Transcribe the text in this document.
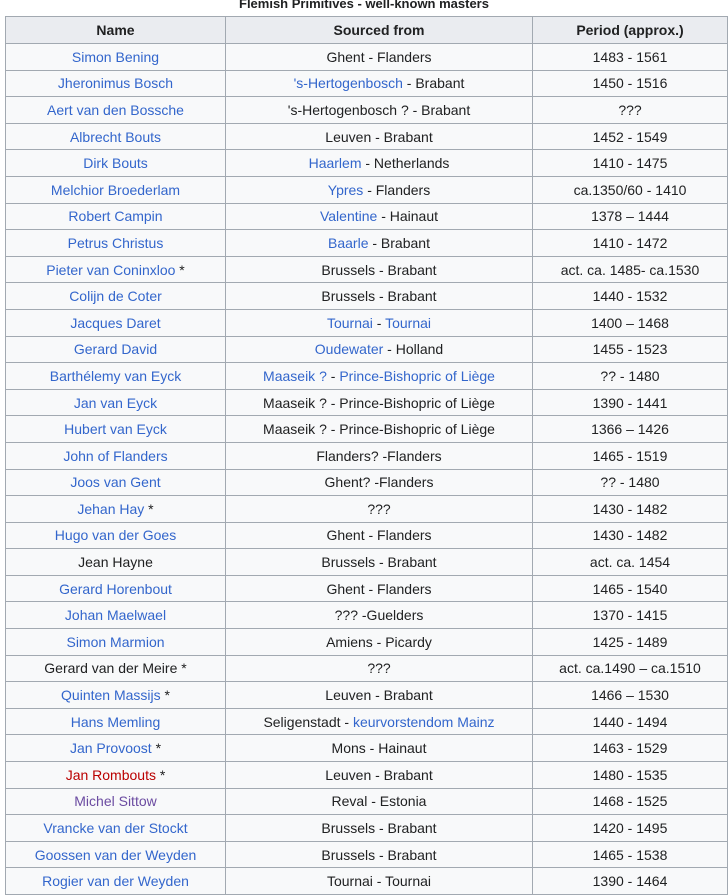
Flemish Primitives - well-known masters
Name	Sourced from	Period (approx.)
Simon Bening	Ghent - Flanders	1483 - 1561
Jheronimus Bosch	's-Hertogenbosch - Brabant	1450 - 1516
Aert van den Bossche	's-Hertogenbosch ? - Brabant	???
Albrecht Bouts	Leuven - Brabant	1452 - 1549
Dirk Bouts	Haarlem - Netherlands	1410 - 1475
Melchior Broederlam	Ypres - Flanders	ca.1350/60 - 1410
Robert Campin	Valentine - Hainaut	1378 – 1444
Petrus Christus	Baarle - Brabant	1410 - 1472
Pieter van Coninxloo *	Brussels - Brabant	act. ca. 1485- ca.1530
Colijn de Coter	Brussels - Brabant	1440 - 1532
Jacques Daret	Tournai - Tournai	1400 – 1468
Gerard David	Oudewater - Holland	1455 - 1523
Barthélemy van Eyck	Maaseik ? - Prince-Bishopric of Liège	?? - 1480
Jan van Eyck	Maaseik ? - Prince-Bishopric of Liège	1390 - 1441
Hubert van Eyck	Maaseik ? - Prince-Bishopric of Liège	1366 – 1426
John of Flanders	Flanders? -Flanders	1465 - 1519
Joos van Gent	Ghent? -Flanders	?? - 1480
Jehan Hay *	???	1430 - 1482
Hugo van der Goes	Ghent - Flanders	1430 - 1482
Jean Hayne	Brussels - Brabant	act. ca. 1454
Gerard Horenbout	Ghent - Flanders	1465 - 1540
Johan Maelwael	??? -Guelders	1370 - 1415
Simon Marmion	Amiens - Picardy	1425 - 1489
Gerard van der Meire *	???	act. ca.1490 – ca.1510
Quinten Massijs *	Leuven - Brabant	1466 – 1530
Hans Memling	Seligenstadt - keurvorstendom Mainz	1440 - 1494
Jan Provoost *	Mons - Hainaut	1463 - 1529
Jan Rombouts *	Leuven - Brabant	1480 - 1535
Michel Sittow	Reval - Estonia	1468 - 1525
Vrancke van der Stockt	Brussels - Brabant	1420 - 1495
Goossen van der Weyden	Brussels - Brabant	1465 - 1538
Rogier van der Weyden	Tournai - Tournai	1390 - 1464
